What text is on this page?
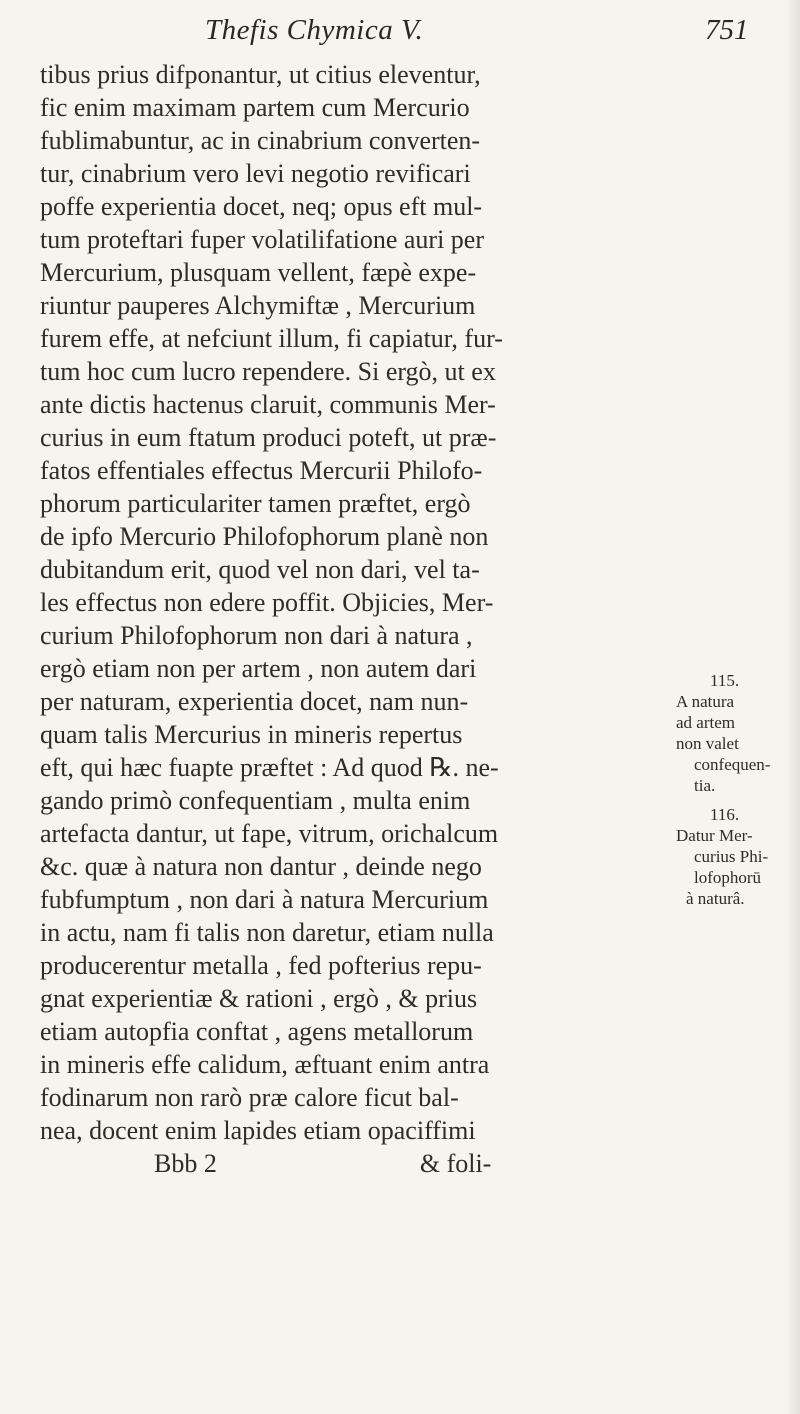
Thefis Chymica V.	751
tibus prius difponantur, ut citius eleventur,
fic enim maximam partem cum Mercurio
fublimabuntur, ac in cinabrium converten-
tur, cinabrium vero levi negotio revificari
poffe experientia docet, neq; opus eft mul-
tum proteftari fuper volatilifatione auri per
Mercurium, plusquam vellent, fæpè expe-
riuntur pauperes Alchymiftæ , Mercurium
furem effe, at nefciunt illum, fi capiatur, fur-
tum hoc cum lucro rependere. Si ergò, ut ex
ante dictis hactenus claruit, communis Mer-
curius in eum ftatum produci poteft, ut præ-
fatos effentiales effectus Mercurii Philofo-
phorum particulariter tamen præftet, ergò
de ipfo Mercurio Philofophorum planè non
dubitandum erit, quod vel non dari, vel ta-
les effectus non edere poffit. Objicies, Mer-
curium Philofophorum non dari à natura ,
ergò etiam non per artem , non autem dari
per naturam, experientia docet, nam nun-
quam talis Mercurius in mineris repertus
eft, qui hæc fuapte præftet : Ad quod ℞. ne-
gando primò confequentiam , multa enim
artefacta dantur, ut fape, vitrum, orichalcum
&c. quæ à natura non dantur , deinde nego
fubfumptum , non dari à natura Mercurium
in actu, nam fi talis non daretur, etiam nulla
producerentur metalla , fed pofterius repu-
gnat experientiæ & rationi , ergò , & prius
etiam autopfia conftat , agens metallorum
in mineris effe calidum, æftuant enim antra
fodinarum non rarò præ calore ficut bal-
nea, docent enim lapides etiam opaciffimi
Bbb 2	& foli-
115.
A natura
ad artem
non valet
confequen-
tia.
116.
Datur Mer-
curius Phi-
lofophorū
à naturâ.
